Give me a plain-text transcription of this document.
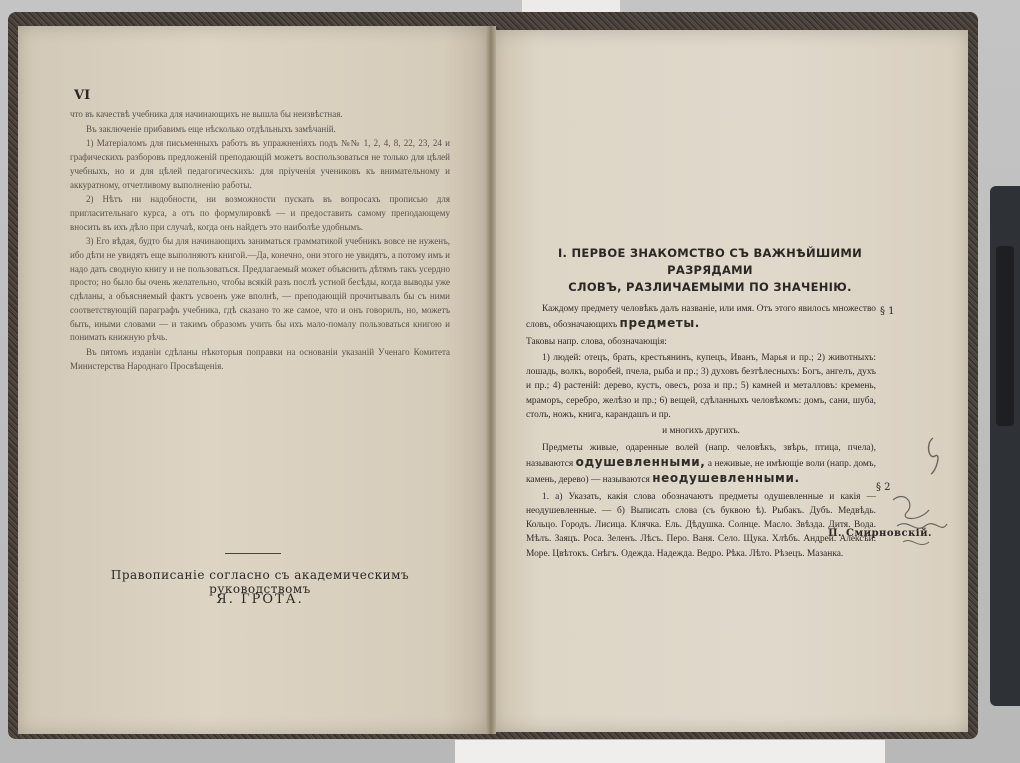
VI

что въ качествѣ учебника для начинающихъ не вышла бы неизвѣстная.

Въ заключеніе прибавимъ еще нѣсколько отдѣльныхъ замѣчаній.

1) Матеріаломъ для письменныхъ работъ въ упражненіяхъ подъ №№ 1, 2, 4, 8, 22, 23, 24 и графическихъ разборовъ предложеній преподающій можетъ воспользоваться не только для цѣлей учебныхъ, но и для цѣлей педагогическихъ: для пріученія учениковъ къ внимательному и аккуратному, отчетливому выполненію работы.

2) Нѣтъ ни надобности, ни возможности пускать въ вопросахъ прописью для пригласительнаго курса, а отъ по формулировкѣ — и предоставить самому преподающему вносить въ ихъ дѣло при случаѣ, когда онъ найдетъ это наиболѣе удобнымъ.

3) Его вѣдая, будто бы для начинающихъ заниматься грамматикой учебникъ вовсе не нуженъ, ибо дѣти не увидятъ еще выполняютъ книгой.—Да, конечно, они этого не увидятъ, а потому имъ и надо дать сводную книгу и не пользоваться. Предлагаемый может объяснить дѣтямъ такъ усердно просто; но было бы очень желательно, чтобы всякій разъ послѣ устной бесѣды, когда выводы уже сдѣланы, а объясняемый фактъ усвоенъ уже вполнѣ, — преподающій прочитывалъ бы съ ними соответствующій параграфъ учебника, гдѣ сказано то же самое, что и онъ говорилъ, но, можетъ быть, иными словами — и такимъ образомъ учить бы ихъ мало-помалу пользоваться книгою и понимать книжную рѣчь.

Въ пятомъ изданіи сдѣланы нѣкоторыя поправки на основаніи указаній Ученаго Комитета Министерства Народнаго Просвѣщенія.

П. Смирновскій.
Правописаніе согласно съ академическимъ руководствомъ
Я. ГРОТА.
I. ПЕРВОЕ ЗНАКОМСТВО СЪ ВАЖНѢЙШИМИ РАЗРЯДАМИ
СЛОВЪ, РАЗЛИЧАЕМЫМИ ПО ЗНАЧЕНІЮ.

Каждому предмету человѣкъ далъ названіе, или имя. Отъ этого явилось множество словъ, обозначающихъ предметы.

Таковы напр. слова, обозначающія:

1) людей: отецъ, брать, крестьянинъ, купецъ, Иванъ, Марья и пр.; 2) животныхъ: лошадь, волкъ, воробей, пчела, рыба и пр.; 3) духовъ безтѣлесныхъ: Богъ, ангелъ, духъ и пр.; 4) растеній: дерево, кустъ, овесъ, роза и пр.; 5) камней и металловъ: кремень, мраморъ, серебро, желѣзо и пр.; 6) вещей, сдѣланныхъ человѣкомъ: домъ, сани, шуба, столъ, ножъ, книга, карандашъ и пр.

и многихъ другихъ.

Предметы живые, одаренные волей (напр. человѣкъ, звѣрь, птица, пчела), называются одушевленными, а неживые, не имѣющіе воли (напр. домъ, камень, дерево) — называются неодушевленными.

1. а) Указать, какія слова обозначаютъ предметы одушевленные и какія — неодушевленные. — б) Выписать слова (съ буквою ѣ). Рыбакъ. Дубъ. Медвѣдь. Кольцо. Городъ. Лисица. Клячка. Ель. Дѣдушка. Солнце. Масло. Звѣзда. Дитя. Вода. Мѣлъ. Заяцъ. Роса. Зеленъ. Лѣсъ. Перо. Ваня. Село. Щука. Хлѣбъ. Андрей. Алексѣй. Море. Цвѣтокъ. Снѣгъ. Одежда. Надежда. Ведро. Рѣка. Лѣто. Рѣзецъ. Мазанка.

§ 1
§ 2
